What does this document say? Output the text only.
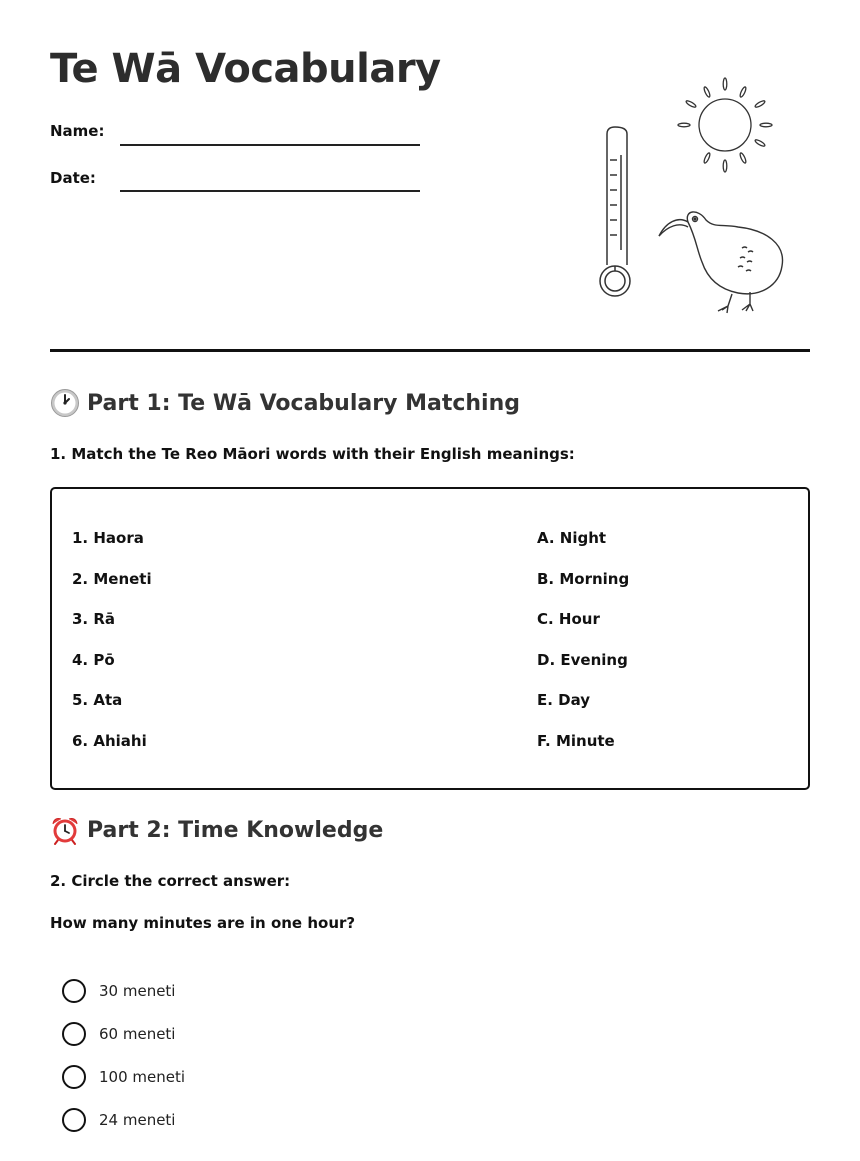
Te Wā Vocabulary
Name:
Date:
Part 1: Te Wā Vocabulary Matching
1. Match the Te Reo Māori words with their English meanings:
1. Haora
2. Meneti
3. Rā
4. Pō
5. Ata
6. Ahiahi
A. Night
B. Morning
C. Hour
D. Evening
E. Day
F. Minute
Part 2: Time Knowledge
2. Circle the correct answer:
How many minutes are in one hour?
30 meneti
60 meneti
100 meneti
24 meneti
